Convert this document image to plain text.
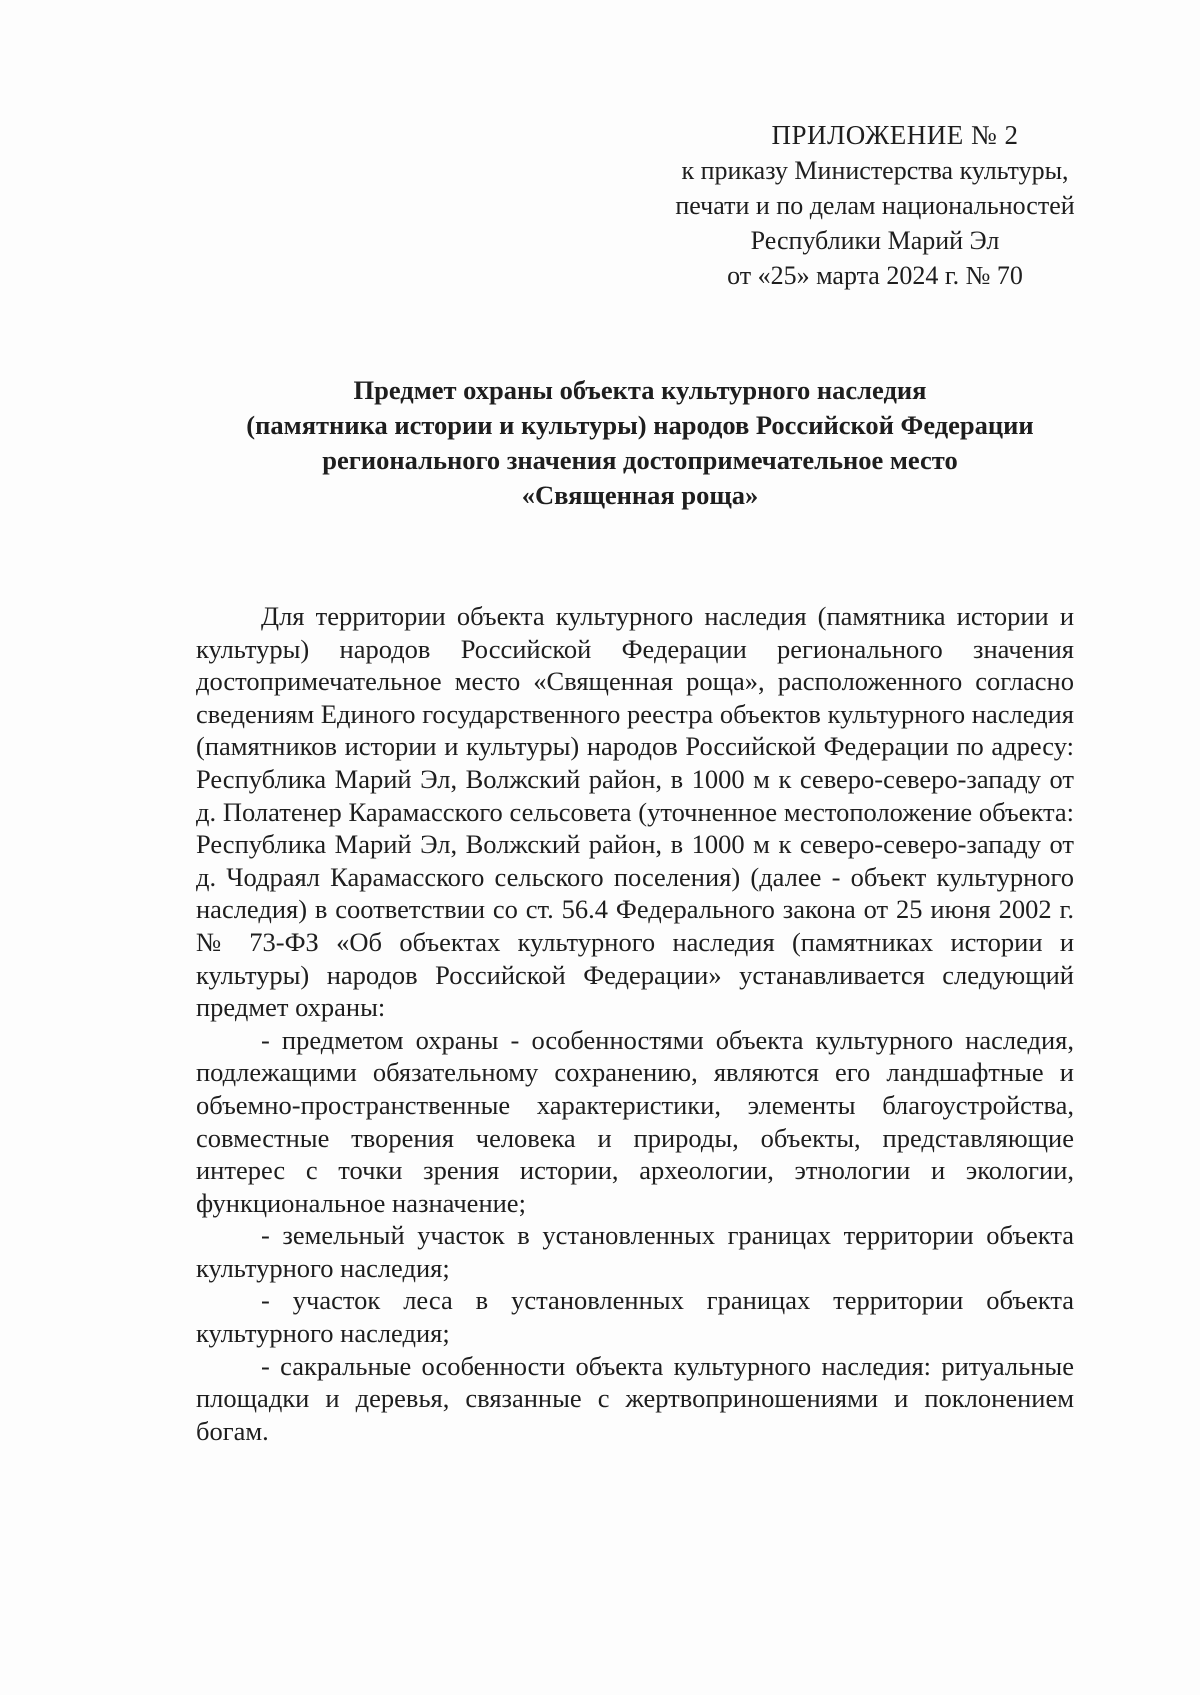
ПРИЛОЖЕНИЕ № 2
к приказу Министерства культуры,
печати и по делам национальностей
Республики Марий Эл
от «25» марта 2024 г. № 70
Предмет охраны объекта культурного наследия
(памятника истории и культуры) народов Российской Федерации
регионального значения достопримечательное место
«Священная роща»

Для территории объекта культурного наследия (памятника истории и культуры) народов Российской Федерации регионального значения достопримечательное место «Священная роща», расположенного согласно сведениям Единого государственного реестра объектов культурного наследия (памятников истории и культуры) народов Российской Федерации по адресу: Республика Марий Эл, Волжский район, в 1000 м к северо-северо-западу от д. Полатенер Карамасского сельсовета (уточненное местоположение объекта: Республика Марий Эл, Волжский район, в 1000 м к северо-северо-западу от д. Чодраял Карамасского сельского поселения) (далее - объект культурного наследия) в соответствии со ст. 56.4 Федерального закона от 25 июня 2002 г. № 73-ФЗ «Об объектах культурного наследия (памятниках истории и культуры) народов Российской Федерации» устанавливается следующий предмет охраны:

- предметом охраны - особенностями объекта культурного наследия, подлежащими обязательному сохранению, являются его ландшафтные и объемно-пространственные характеристики, элементы благоустройства, совместные творения человека и природы, объекты, представляющие интерес с точки зрения истории, археологии, этнологии и экологии, функциональное назначение;

- земельный участок в установленных границах территории объекта культурного наследия;

- участок леса в установленных границах территории объекта культурного наследия;

- сакральные особенности объекта культурного наследия: ритуальные площадки и деревья, связанные с жертвоприношениями и поклонением богам.
